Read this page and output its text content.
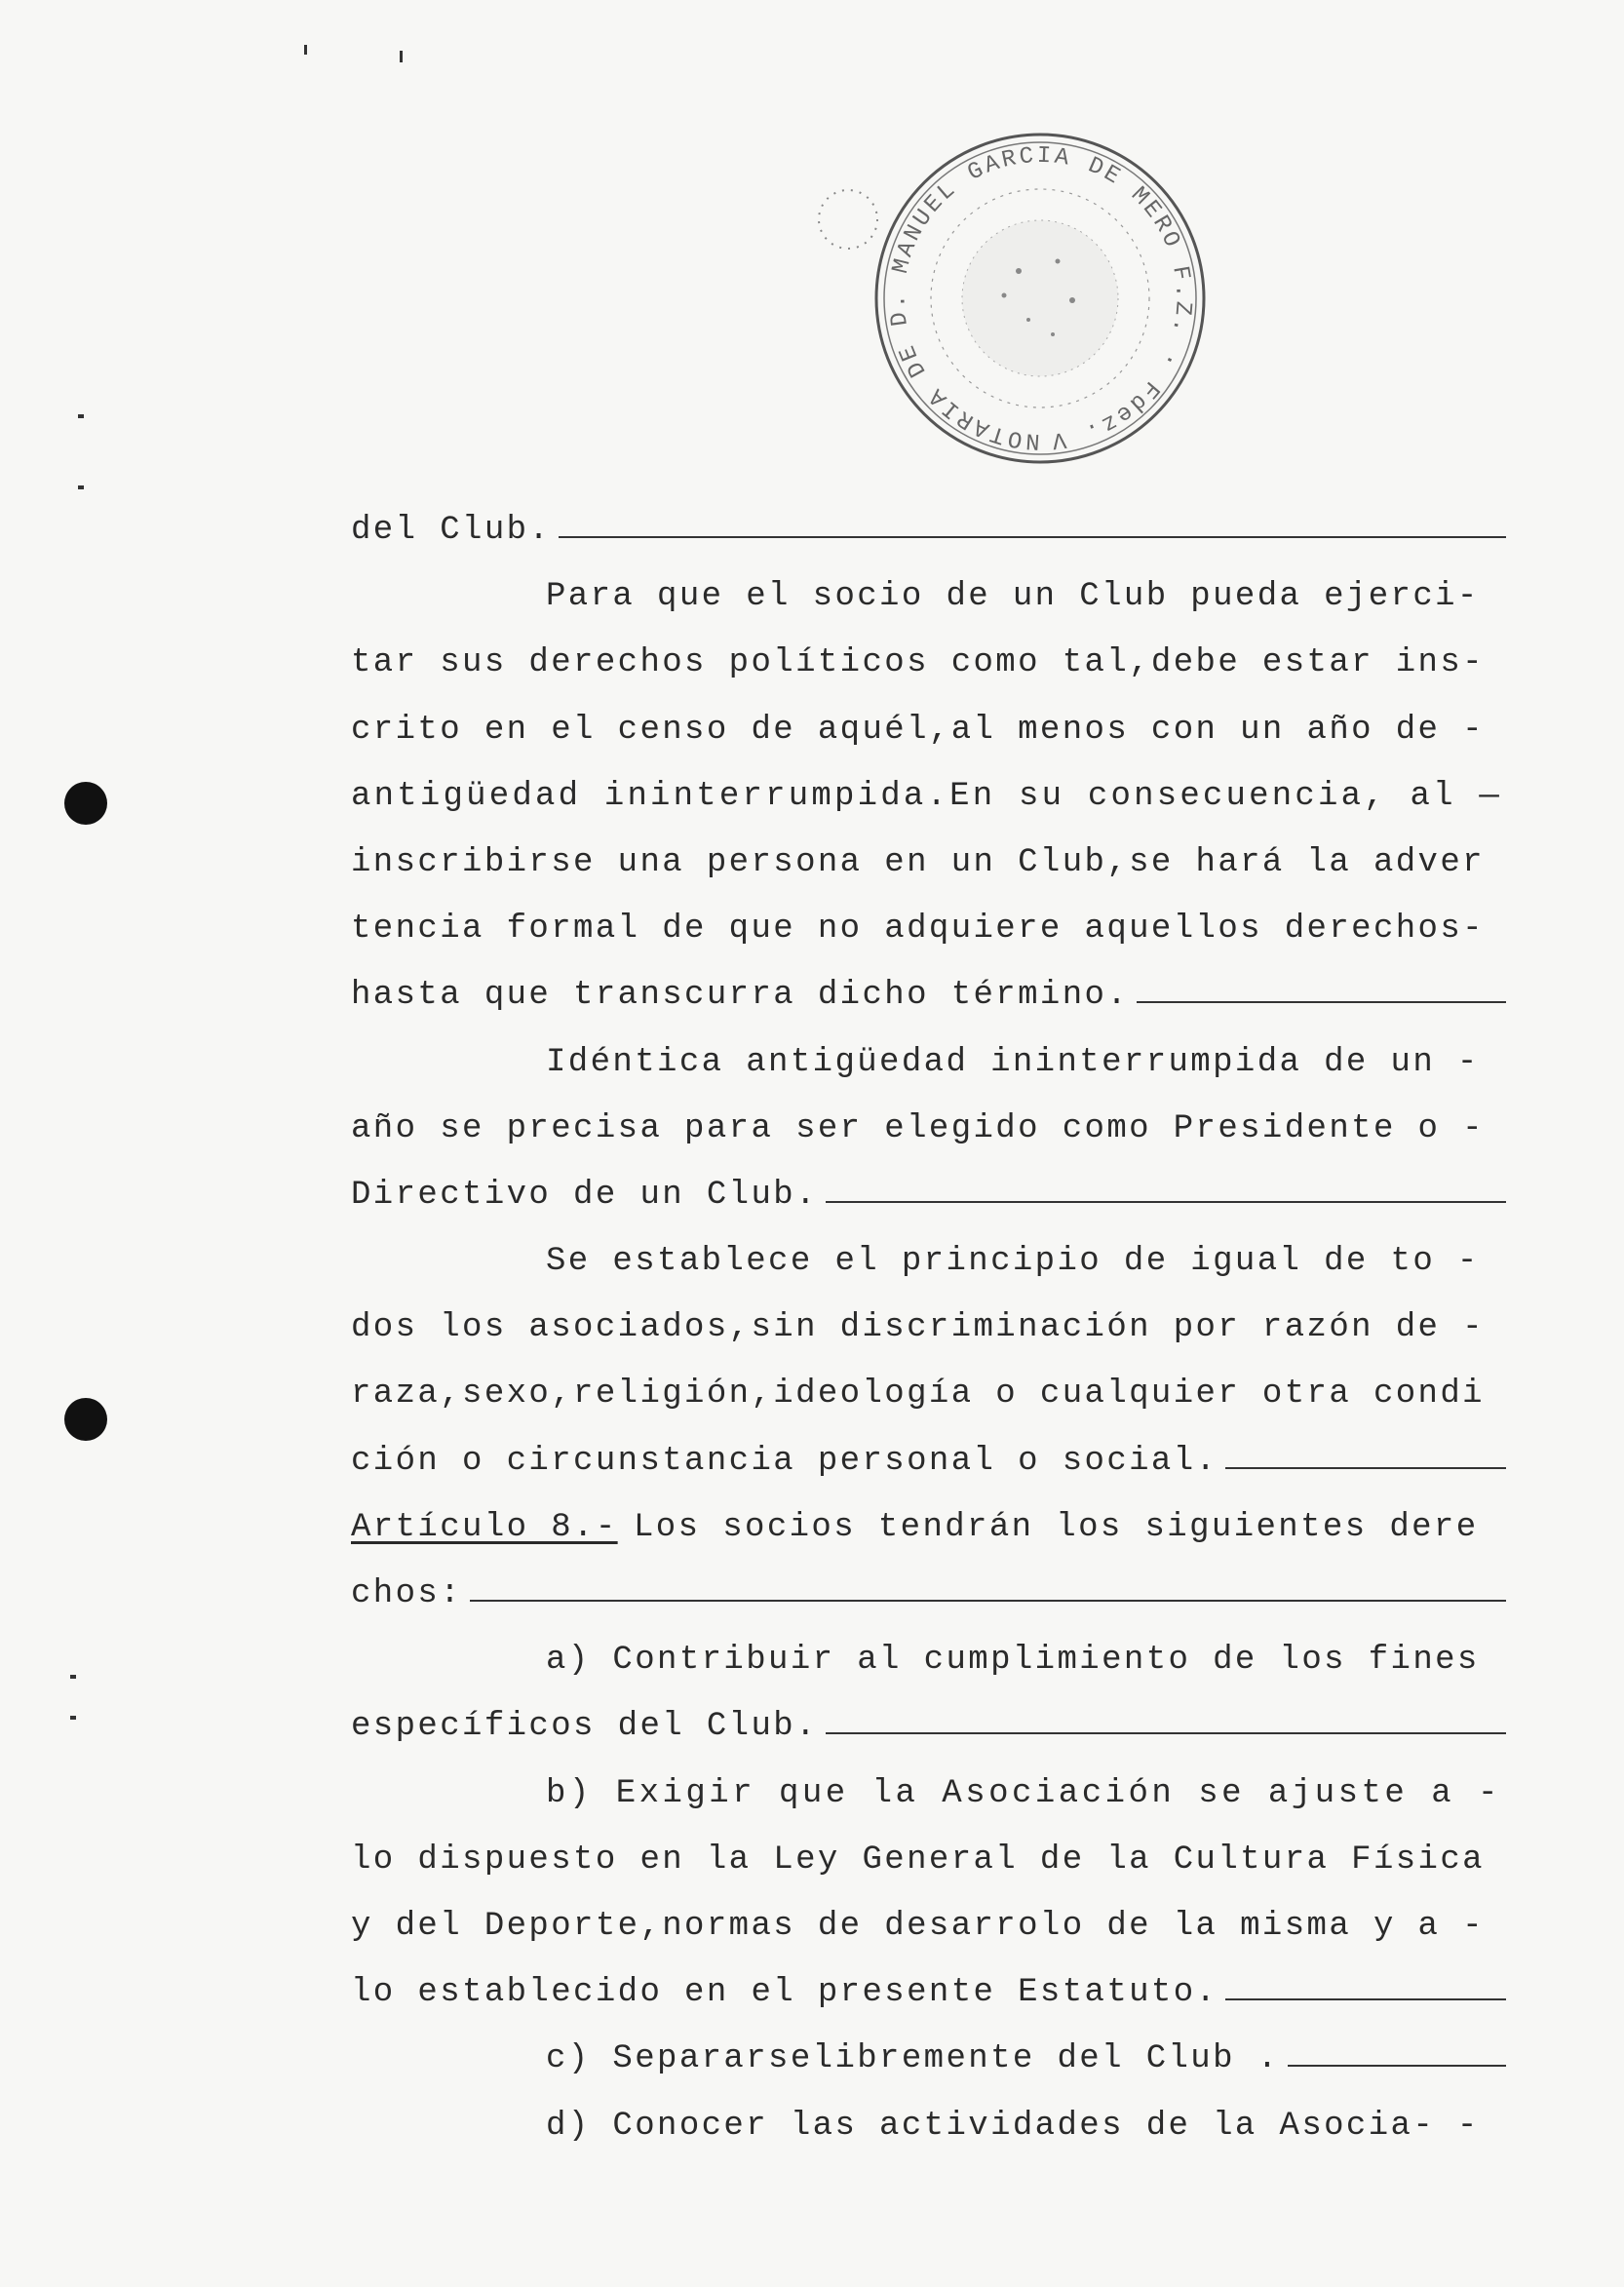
NOTARIA DE D. MANUEL GARCIA DE MERO F.Z. · Fdez. V
del Club.
Para que el socio de un Club pueda ejerci-
tar sus derechos políticos como tal,debe estar ins-
crito en el censo de aquél,al menos con un año de -
antigüedad ininterrumpida.En su consecuencia, al —
inscribirse una persona en un Club,se hará la adver
tencia formal de que no adquiere aquellos derechos-
hasta que transcurra dicho término.
Idéntica antigüedad ininterrumpida de un -
año se precisa para ser elegido como Presidente o -
Directivo de un Club.
Se establece el principio de igual de to -
dos los asociados,sin discriminación por razón de -
raza,sexo,religión,ideología o cualquier otra condi
ción o circunstancia personal o social.
Artículo 8.- Los socios tendrán los siguientes dere
chos:
a) Contribuir al cumplimiento de los fines
específicos del Club.
b) Exigir que la Asociación se ajuste a -
lo dispuesto en la Ley General de la Cultura Física
y del Deporte,normas de desarrolo de la misma y a -
lo establecido en el presente Estatuto.
c) Separarselibremente del Club .
d) Conocer las actividades de la Asocia- -
